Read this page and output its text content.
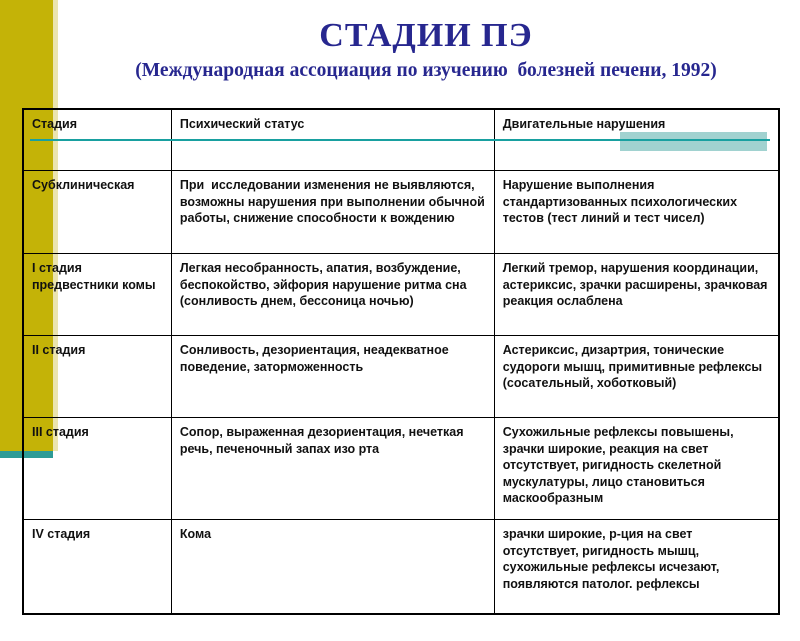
СТАДИИ ПЭ
(Международная ассоциация по изучению  болезней печени, 1992)
Стадия	Психический статус	Двигательные нарушения
Субклиническая	При  исследовании изменения не выявляются, возможны нарушения при выполнении обычной работы, снижение способности к вождению	Нарушение выполнения стандартизованных психологических тестов (тест линий и тест чисел)
I стадия предвестники комы	Легкая несобранность, апатия, возбуждение, беспокойство, эйфория нарушение ритма сна (сонливость днем, бессоница ночью)	Легкий тремор, нарушения координации, астериксис, зрачки расширены, зрачковая реакция ослаблена
II стадия	Сонливость, дезориентация, неадекватное поведение, заторможенность	Астериксис, дизартрия, тонические судороги мышц, примитивные рефлексы (сосательный, хоботковый)
III стадия	Сопор, выраженная дезориентация, нечеткая речь, печеночный запах изо рта	Сухожильные рефлексы повышены, зрачки широкие, реакция на свет отсутствует, ригидность скелетной мускулатуры, лицо становиться маскообразным
IV стадия	Кома	зрачки широкие, р-ция на свет отсутствует, ригидность мышц, сухожильные рефлексы исчезают, появляются патолог. рефлексы
